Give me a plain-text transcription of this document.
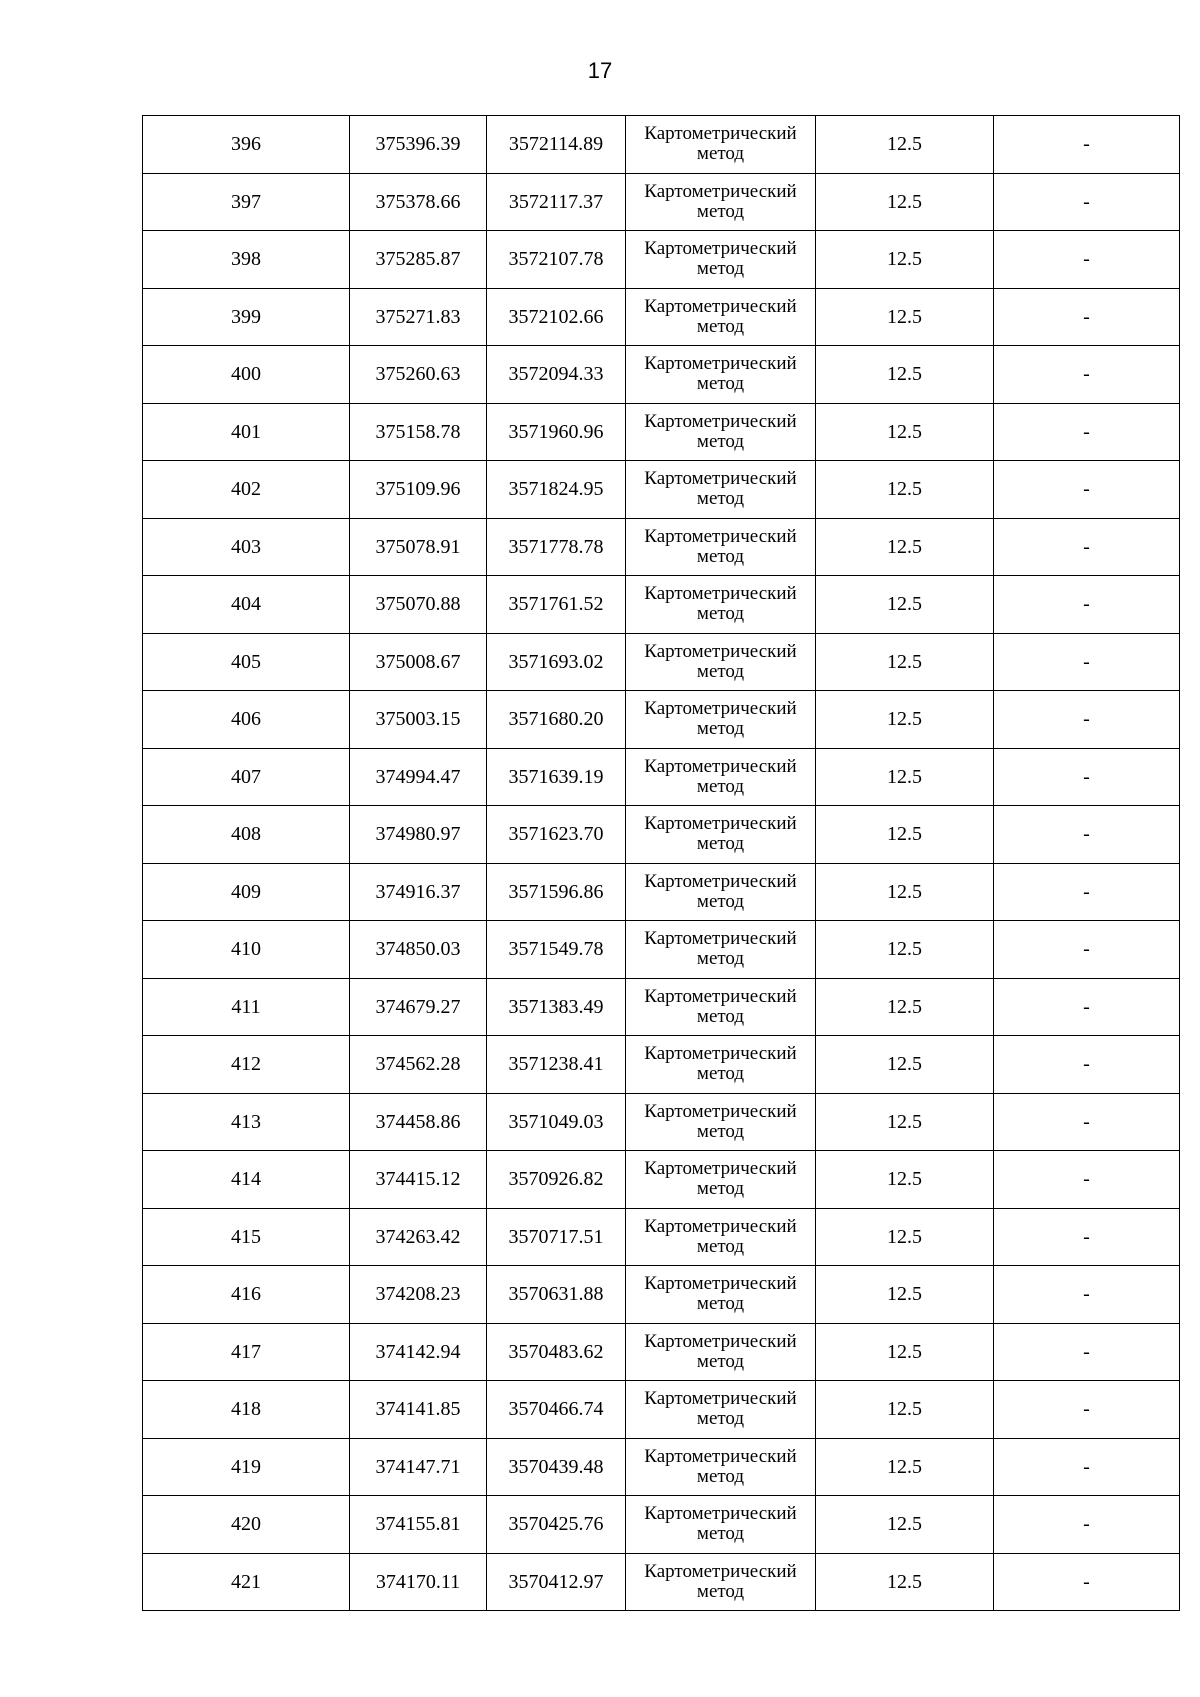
17
396	375396.39	3572114.89	Картометрический метод	12.5	-
397	375378.66	3572117.37	Картометрический метод	12.5	-
398	375285.87	3572107.78	Картометрический метод	12.5	-
399	375271.83	3572102.66	Картометрический метод	12.5	-
400	375260.63	3572094.33	Картометрический метод	12.5	-
401	375158.78	3571960.96	Картометрический метод	12.5	-
402	375109.96	3571824.95	Картометрический метод	12.5	-
403	375078.91	3571778.78	Картометрический метод	12.5	-
404	375070.88	3571761.52	Картометрический метод	12.5	-
405	375008.67	3571693.02	Картометрический метод	12.5	-
406	375003.15	3571680.20	Картометрический метод	12.5	-
407	374994.47	3571639.19	Картометрический метод	12.5	-
408	374980.97	3571623.70	Картометрический метод	12.5	-
409	374916.37	3571596.86	Картометрический метод	12.5	-
410	374850.03	3571549.78	Картометрический метод	12.5	-
411	374679.27	3571383.49	Картометрический метод	12.5	-
412	374562.28	3571238.41	Картометрический метод	12.5	-
413	374458.86	3571049.03	Картометрический метод	12.5	-
414	374415.12	3570926.82	Картометрический метод	12.5	-
415	374263.42	3570717.51	Картометрический метод	12.5	-
416	374208.23	3570631.88	Картометрический метод	12.5	-
417	374142.94	3570483.62	Картометрический метод	12.5	-
418	374141.85	3570466.74	Картометрический метод	12.5	-
419	374147.71	3570439.48	Картометрический метод	12.5	-
420	374155.81	3570425.76	Картометрический метод	12.5	-
421	374170.11	3570412.97	Картометрический метод	12.5	-
